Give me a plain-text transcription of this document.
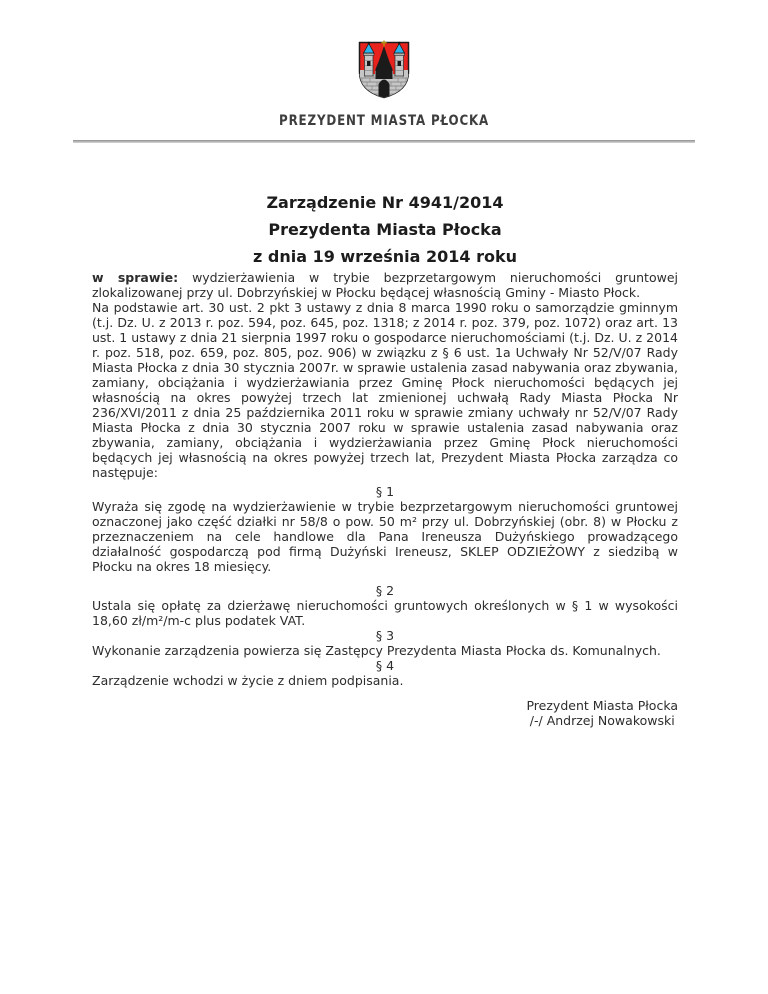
PREZYDENT MIASTA PŁOCKA
Zarządzenie Nr 4941/2014
Prezydenta Miasta Płocka
z dnia 19 września 2014 roku

w sprawie: wydzierżawienia w trybie bezprzetargowym nieruchomości gruntowej zlokalizowanej przy ul. Dobrzyńskiej w Płocku będącej własnością Gminy - Miasto Płock.

Na podstawie art. 30 ust. 2 pkt 3 ustawy z dnia 8 marca 1990 roku o samorządzie gminnym (t.j. Dz. U. z 2013 r. poz. 594, poz. 645, poz. 1318; z 2014 r. poz. 379, poz. 1072) oraz art. 13 ust. 1 ustawy z dnia 21 sierpnia 1997 roku o gospodarce nieruchomościami (t.j. Dz. U. z 2014 r. poz. 518, poz. 659, poz. 805, poz. 906) w związku z § 6 ust. 1a Uchwały Nr 52/V/07 Rady Miasta Płocka z dnia 30 stycznia 2007r. w sprawie ustalenia zasad nabywania oraz zbywania, zamiany, obciążania i wydzierżawiania przez Gminę Płock nieruchomości będących jej własnością na okres powyżej trzech lat zmienionej uchwałą Rady Miasta Płocka Nr 236/XVI/2011 z dnia 25 października 2011 roku w sprawie zmiany uchwały nr 52/V/07 Rady Miasta Płocka z dnia 30 stycznia 2007 roku w sprawie ustalenia zasad nabywania oraz zbywania, zamiany, obciążania i wydzierżawiania przez Gminę Płock nieruchomości będących jej własnością na okres powyżej trzech lat, Prezydent Miasta Płocka zarządza co następuje:

§ 1

Wyraża się zgodę na wydzierżawienie w trybie bezprzetargowym nieruchomości gruntowej oznaczonej jako część działki nr 58/8 o pow. 50 m² przy ul. Dobrzyńskiej (obr. 8) w Płocku z przeznaczeniem na cele handlowe dla Pana Ireneusza Dużyńskiego prowadzącego działalność gospodarczą pod firmą Dużyński Ireneusz, SKLEP ODZIEŻOWY z siedzibą w Płocku na okres 18 miesięcy.

§ 2

Ustala się opłatę za dzierżawę nieruchomości gruntowych określonych w § 1 w wysokości 18,60 zł/m²/m-c plus podatek VAT.

§ 3

Wykonanie zarządzenia powierza się Zastępcy Prezydenta Miasta Płocka ds. Komunalnych.

§ 4

Zarządzenie wchodzi w życie z dniem podpisania.

Prezydent Miasta Płocka
/-/ Andrzej Nowakowski
